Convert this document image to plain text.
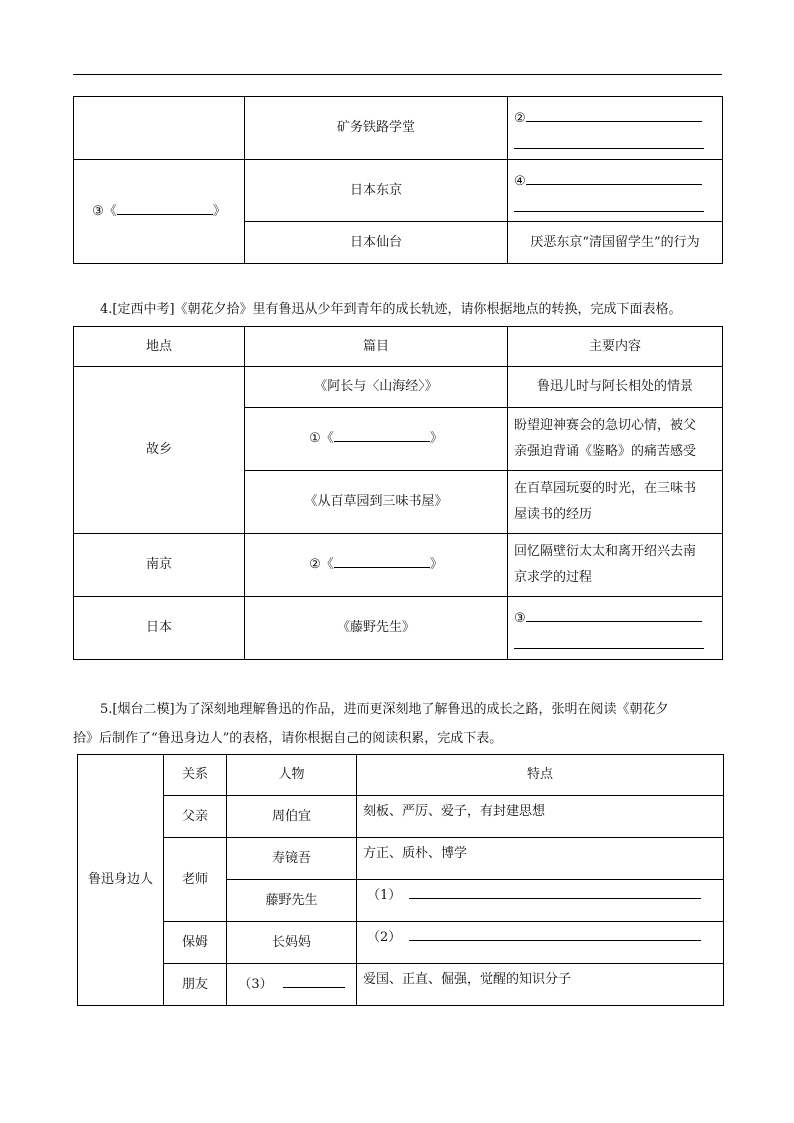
	矿务铁路学堂	②

③《 》	日本东京	④

	日本仙台	厌恶东京“清国留学生”的行为
4.[定西中考]《朝花夕拾》里有鲁迅从少年到青年的成长轨迹，请你根据地点的转换，完成下面表格。
地点	篇目	主要内容
故乡	《阿长与〈山海经〉》	鲁迅儿时与阿长相处的情景
	①《 》	盼望迎神赛会的急切心情，被父
亲强迫背诵《鉴略》的痛苦感受

	《从百草园到三味书屋》	在百草园玩耍的时光，在三味书
屋读书的经历

南京	②《 》	回忆隔壁衍太太和离开绍兴去南
京求学的过程

日本	《藤野先生》	③
5.[烟台二模]为了深刻地理解鲁迅的作品，进而更深刻地了解鲁迅的成长之路，张明在阅读《朝花夕
拾》后制作了“鲁迅身边人”的表格，请你根据自己的阅读积累，完成下表。
鲁迅身边人	关系	人物	特点
	父亲	周伯宜	刻板、严厉、爱子，有封建思想
	老师	寿镜吾	方正、质朴、博学
		藤野先生	（1）
	保姆	长妈妈	（2）
	朋友	（3）	爱国、正直、倔强，觉醒的知识分子
